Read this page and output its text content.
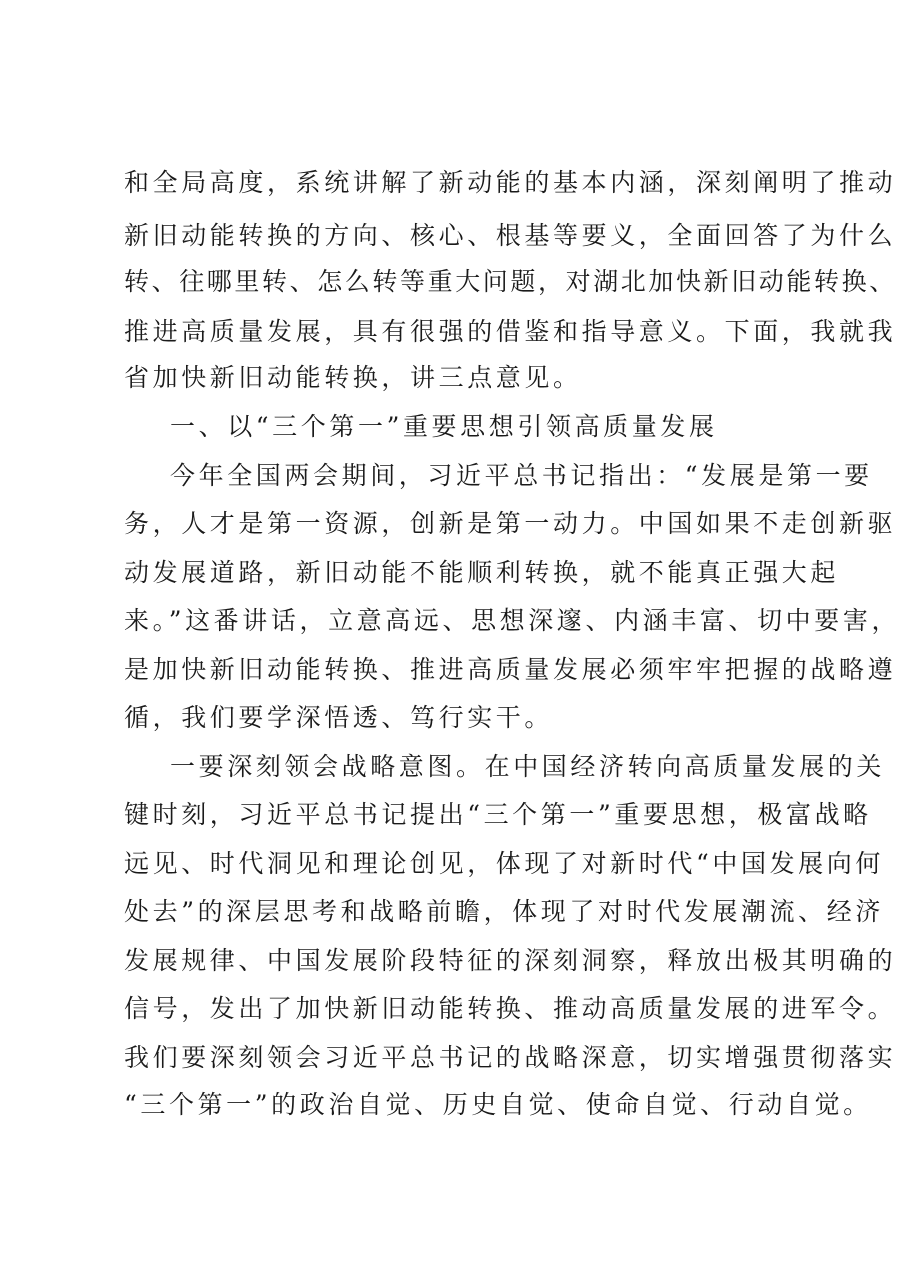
和全局高度，系统讲解了新动能的基本内涵，深刻阐明了推动
新旧动能转换的方向、核心、根基等要义，全面回答了为什么
转、往哪里转、怎么转等重大问题，对湖北加快新旧动能转换、
推进高质量发展，具有很强的借鉴和指导意义。下面，我就我
省加快新旧动能转换，讲三点意见。
一、以“三个第一”重要思想引领高质量发展
今年全国两会期间，习近平总书记指出：“发展是第一要
务，人才是第一资源，创新是第一动力。中国如果不走创新驱
动发展道路，新旧动能不能顺利转换，就不能真正强大起
来。”这番讲话，立意高远、思想深邃、内涵丰富、切中要害，
是加快新旧动能转换、推进高质量发展必须牢牢把握的战略遵
循，我们要学深悟透、笃行实干。
一要深刻领会战略意图。在中国经济转向高质量发展的关
键时刻，习近平总书记提出“三个第一”重要思想，极富战略
远见、时代洞见和理论创见，体现了对新时代“中国发展向何
处去”的深层思考和战略前瞻，体现了对时代发展潮流、经济
发展规律、中国发展阶段特征的深刻洞察，释放出极其明确的
信号，发出了加快新旧动能转换、推动高质量发展的进军令。
我们要深刻领会习近平总书记的战略深意，切实增强贯彻落实
“三个第一”的政治自觉、历史自觉、使命自觉、行动自觉。
